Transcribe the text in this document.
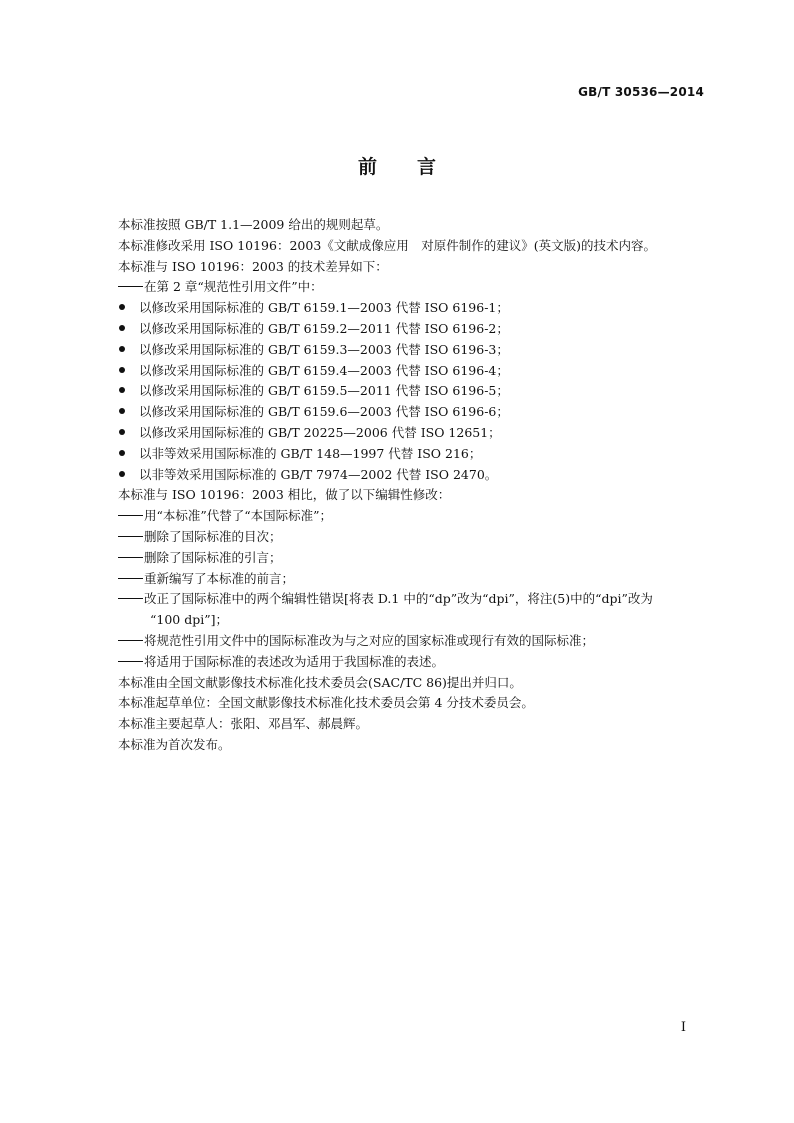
GB/T 30536—2014
前言

本标准按照 GB/T 1.1—2009 给出的规则起草。

本标准修改采用 ISO 10196：2003《文献成像应用　对原件制作的建议》(英文版)的技术内容。

本标准与 ISO 10196：2003 的技术差异如下：

在第 2 章“规范性引用文件”中：

以修改采用国际标准的 GB/T 6159.1—2003 代替 ISO 6196-1；

以修改采用国际标准的 GB/T 6159.2—2011 代替 ISO 6196-2；

以修改采用国际标准的 GB/T 6159.3—2003 代替 ISO 6196-3；

以修改采用国际标准的 GB/T 6159.4—2003 代替 ISO 6196-4；

以修改采用国际标准的 GB/T 6159.5—2011 代替 ISO 6196-5；

以修改采用国际标准的 GB/T 6159.6—2003 代替 ISO 6196-6；

以修改采用国际标准的 GB/T 20225—2006 代替 ISO 12651；

以非等效采用国际标准的 GB/T 148—1997 代替 ISO 216；

以非等效采用国际标准的 GB/T 7974—2002 代替 ISO 2470。

本标准与 ISO 10196：2003 相比，做了以下编辑性修改：

用“本标准”代替了“本国际标准”；

删除了国际标准的目次；

删除了国际标准的引言；

重新编写了本标准的前言；

改正了国际标准中的两个编辑性错误[将表 D.1 中的“dp”改为“dpi”，将注(5)中的“dpi”改为

“100 dpi”]；

将规范性引用文件中的国际标准改为与之对应的国家标准或现行有效的国际标准；

将适用于国际标准的表述改为适用于我国标准的表述。

本标准由全国文献影像技术标准化技术委员会(SAC/TC 86)提出并归口。

本标准起草单位：全国文献影像技术标准化技术委员会第 4 分技术委员会。

本标准主要起草人：张阳、邓昌军、郝晨辉。

本标准为首次发布。

I
